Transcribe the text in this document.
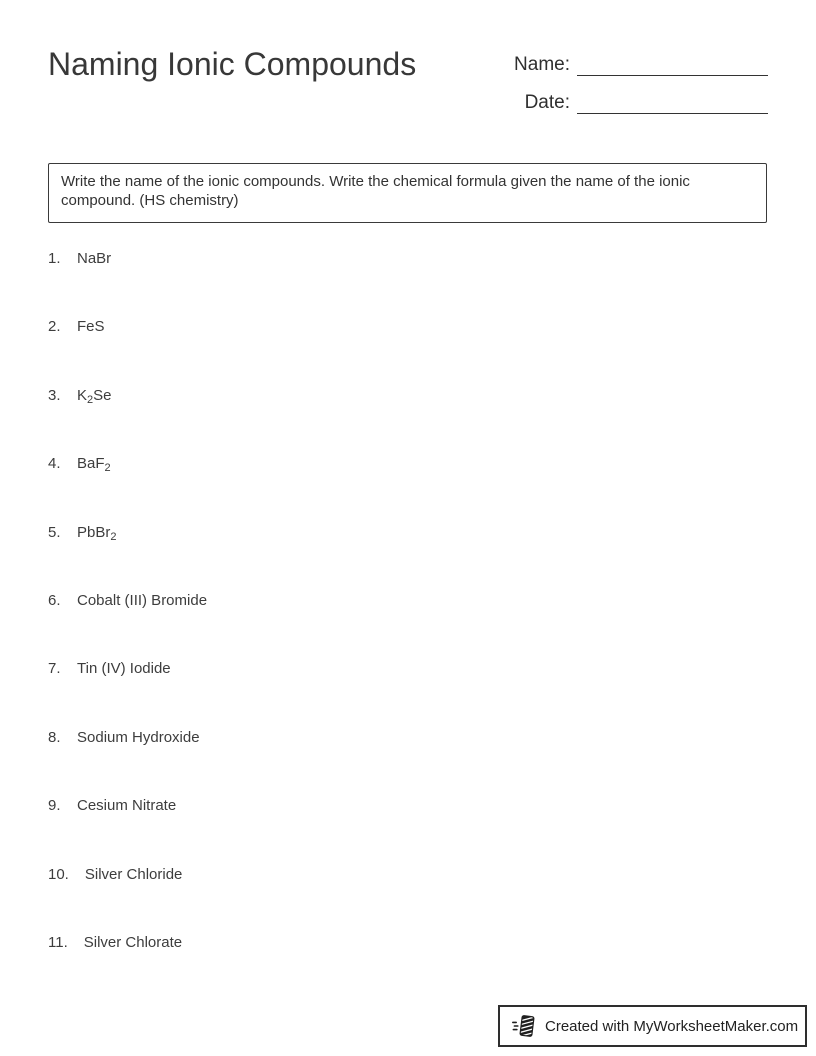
Naming Ionic Compounds	Name:
Date:

Write the name of the ionic compounds. Write the chemical formula given the name of the ionic compound. (HS chemistry)

1. NaBr
2. FeS
3. $K_2Se$
4. BaF$_2$
5. PbBr$_2$
6. Cobalt (III) Bromide
7. Tin (IV) Iodide
8. Sodium Hydroxide
9. Cesium Nitrate
10. Silver Chloride
11. Silver Chlorate
Created with MyWorksheetMaker.com
